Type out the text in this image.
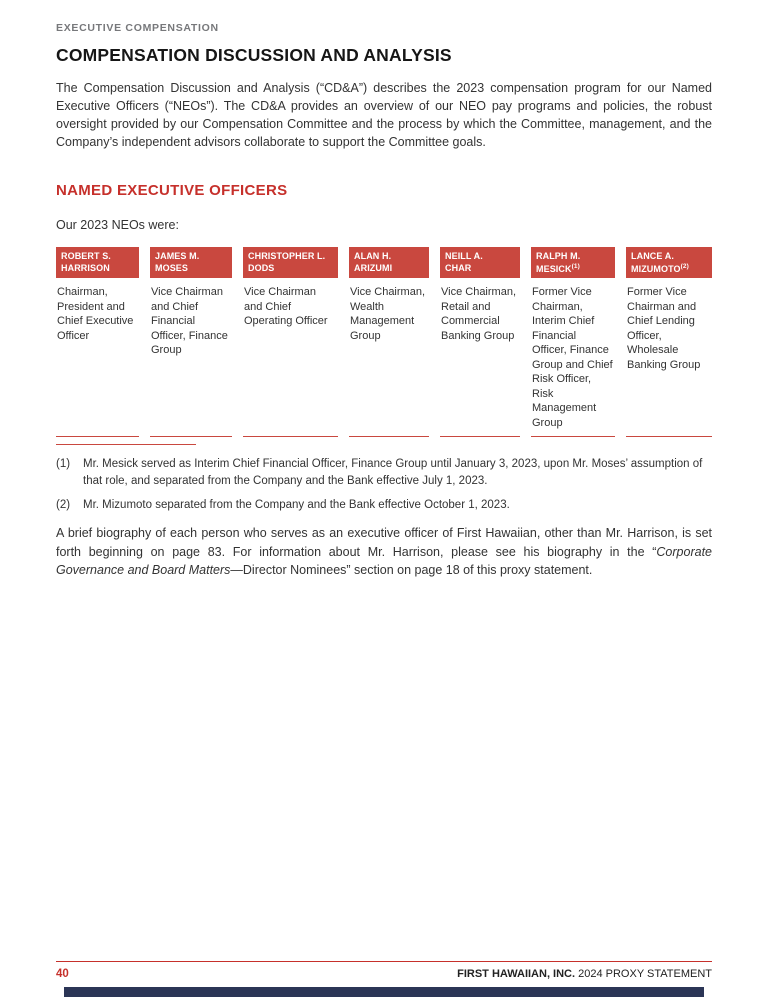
EXECUTIVE COMPENSATION
COMPENSATION DISCUSSION AND ANALYSIS

The Compensation Discussion and Analysis (“CD&A”) describes the 2023 compensation program for our Named Executive Officers (“NEOs”). The CD&A provides an overview of our NEO pay programs and policies, the robust oversight provided by our Compensation Committee and the process by which the Committee, management, and the Company’s independent advisors collaborate to support the Committee goals.

NAMED EXECUTIVE OFFICERS

Our 2023 NEOs were:

ROBERT S.
HARRISON
Chairman, President and Chief Executive Officer
JAMES M.
MOSES
Vice Chairman and Chief Financial Officer, Finance Group
CHRISTOPHER L.
DODS
Vice Chairman and Chief Operating Officer
ALAN H.
ARIZUMI
Vice Chairman, Wealth Management Group
NEILL A.
CHAR
Vice Chairman, Retail and Commercial Banking Group
RALPH M.
MESICK$^{(1)}$
Former Vice Chairman, Interim Chief Financial Officer, Finance Group and Chief Risk Officer, Risk Management Group
LANCE A.
MIZUMOTO$^{(2)}$
Former Vice Chairman and Chief Lending Officer, Wholesale Banking Group
(1)	Mr. Mesick served as Interim Chief Financial Officer, Finance Group until January 3, 2023, upon Mr. Moses’ assumption of that role, and separated from the Company and the Bank effective July 1, 2023.
(2)	Mr. Mizumoto separated from the Company and the Bank effective October 1, 2023.

A brief biography of each person who serves as an executive officer of First Hawaiian, other than Mr. Harrison, is set forth beginning on page 83. For information about Mr. Harrison, please see his biography in the “Corporate Governance and Board Matters—Director Nominees” section on page 18 of this proxy statement.

40	FIRST HAWAIIAN, INC. 2024 PROXY STATEMENT
